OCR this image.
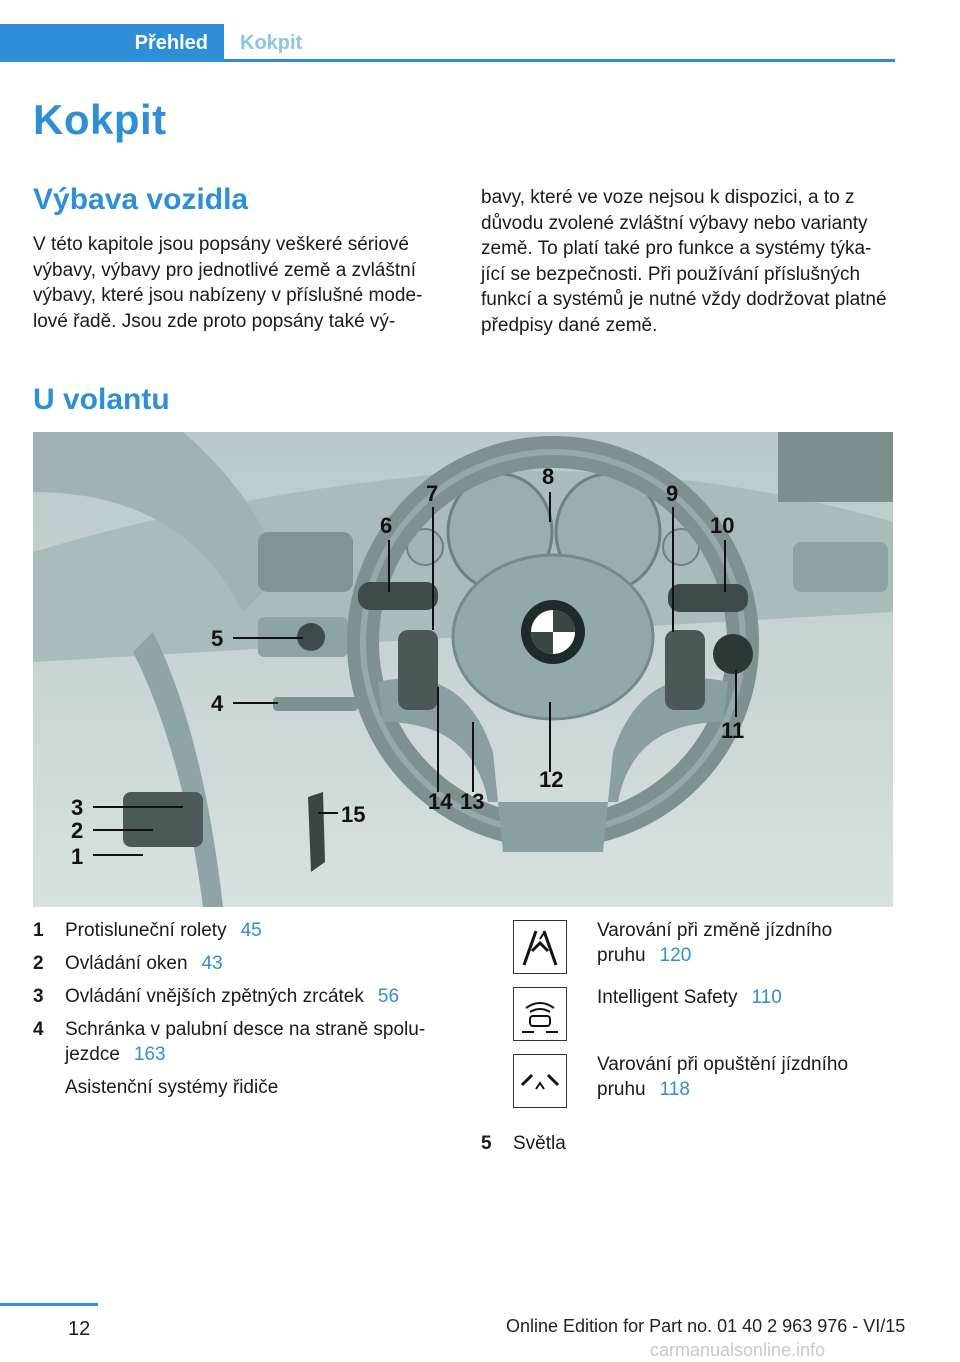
Přehled	Kokpit
Kokpit
Výbava vozidla

V této kapitole jsou popsány veškeré sériové výbavy, výbavy pro jednotlivé země a zvláštní výbavy, které jsou nabízeny v příslušné modelové řadě. Jsou zde proto popsány také vý‐

bavy, které ve voze nejsou k dispozici, a to z důvodu zvolené zvláštní výbavy nebo varianty země. To platí také pro funkce a systémy týka‐jící se bezpečnosti. Při používání příslušných funkcí a systémů je nutné vždy dodržovat platné předpisy dané země.

U volantu
1
2
3
4
5
6
7
8
9
10
11
12
13
14
15
1	Protisluneční rolety 45
2	Ovládání oken 43
3	Ovládání vnějších zpětných zrcátek 56
4	Schránka v palubní desce na straně spolu‐jezdce 163
Asistenční systémy řidiče
Varování při změně jízdního pruhu 120
Intelligent Safety 110
Varování při opuštění jízdního pruhu 118
5	Světla
12	Online Edition for Part no. 01 40 2 963 976 - VI/15
carmanualsonline.info
